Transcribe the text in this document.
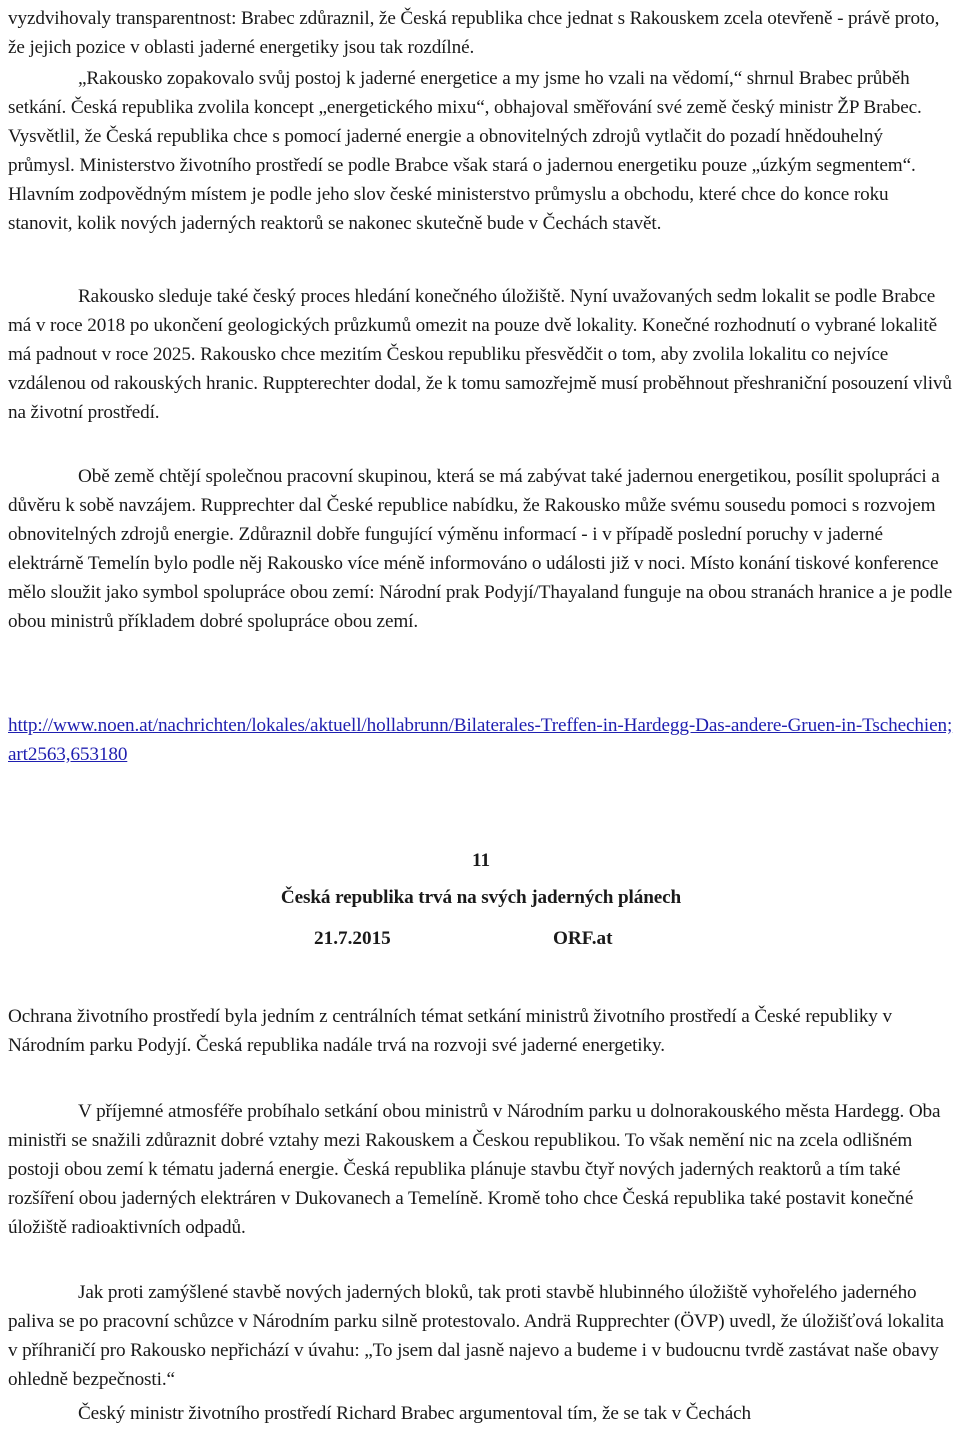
vyzdvihovaly transparentnost: Brabec zdůraznil, že Česká republika chce jednat s Rakouskem zcela otevřeně - právě proto, že jejich pozice v oblasti jaderné energetiky jsou tak rozdílné.

„Rakousko zopakovalo svůj postoj k jaderné energetice a my jsme ho vzali na vědomí,“ shrnul Brabec průběh setkání. Česká republika zvolila koncept „energetického mixu“, obhajoval směřování své země český ministr ŽP Brabec. Vysvětlil, že Česká republika chce s pomocí jaderné energie a obnovitelných zdrojů vytlačit do pozadí hnědouhelný průmysl. Ministerstvo životního prostředí se podle Brabce však stará o jadernou energetiku pouze „úzkým segmentem“. Hlavním zodpovědným místem je podle jeho slov české ministerstvo průmyslu a obchodu, které chce do konce roku stanovit, kolik nových jaderných reaktorů se nakonec skutečně bude v Čechách stavět.

Rakousko sleduje také český proces hledání konečného úložiště. Nyní uvažovaných sedm lokalit se podle Brabce má v roce 2018 po ukončení geologických průzkumů omezit na pouze dvě lokality. Konečné rozhodnutí o vybrané lokalitě má padnout v roce 2025. Rakousko chce mezitím Českou republiku přesvědčit o tom, aby zvolila lokalitu co nejvíce vzdálenou od rakouských hranic. Ruppterechter dodal, že k tomu samozřejmě musí proběhnout přeshraniční posouzení vlivů na životní prostředí.

Obě země chtějí společnou pracovní skupinou, která se má zabývat také jadernou energetikou, posílit spolupráci a důvěru k sobě navzájem. Rupprechter dal České republice nabídku, že Rakousko může svému sousedu pomoci s rozvojem obnovitelných zdrojů energie. Zdůraznil dobře fungující výměnu informací - i v případě poslední poruchy v jaderné elektrárně Temelín bylo podle něj Rakousko více méně informováno o události již v noci. Místo konání tiskové konference mělo sloužit jako symbol spolupráce obou zemí: Národní prak Podyjí/Thayaland funguje na obou stranách hranice a je podle obou ministrů příkladem dobré spolupráce obou zemí.

http://www.noen.at/nachrichten/lokales/aktuell/hollabrunn/Bilaterales-Treffen-in-Hardegg-Das-andere-Gruen-in-Tschechien;art2563,653180

11

Česká republika trvá na svých jaderných plánech

21.7.2015	ORF.at

Ochrana životního prostředí byla jedním z centrálních témat setkání ministrů životního prostředí a České republiky v Národním parku Podyjí. Česká republika nadále trvá na rozvoji své jaderné energetiky.

V příjemné atmosféře probíhalo setkání obou ministrů v Národním parku u dolnorakouského města Hardegg. Oba ministři se snažili zdůraznit dobré vztahy mezi Rakouskem a Českou republikou. To však nemění nic na zcela odlišném postoji obou zemí k tématu jaderná energie. Česká republika plánuje stavbu čtyř nových jaderných reaktorů a tím také rozšíření obou jaderných elektráren v Dukovanech a Temelíně. Kromě toho chce Česká republika také postavit konečné úložiště radioaktivních odpadů.

Jak proti zamýšlené stavbě nových jaderných bloků, tak proti stavbě hlubinného úložiště vyhořelého jaderného paliva se po pracovní schůzce v Národním parku silně protestovalo. Andrä Rupprechter (ÖVP) uvedl, že úložišťová lokalita v příhraničí pro Rakousko nepřichází v úvahu: „To jsem dal jasně najevo a budeme i v budoucnu tvrdě zastávat naše obavy ohledně bezpečnosti.“

Český ministr životního prostředí Richard Brabec argumentoval tím, že se tak v Čechách
